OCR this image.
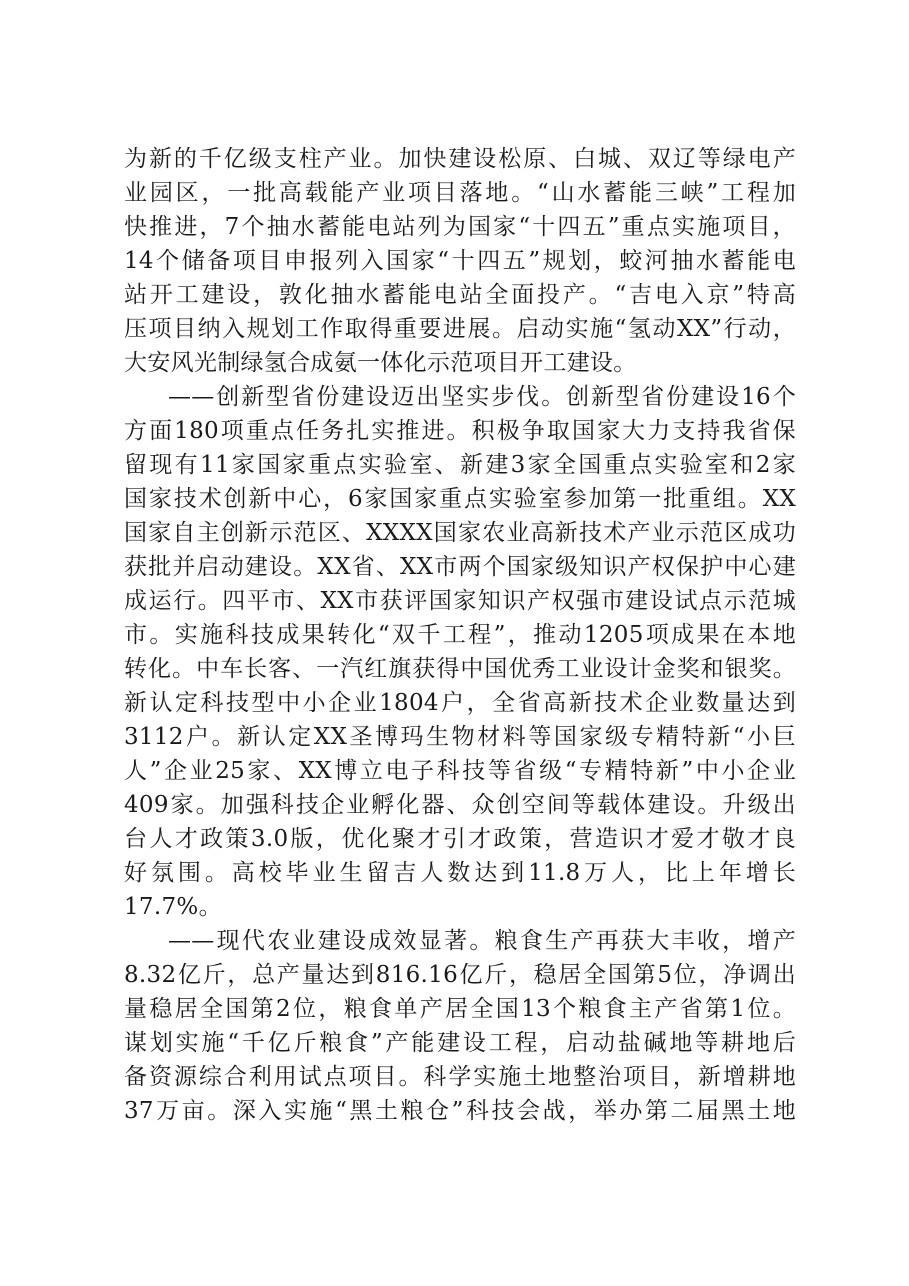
为新的千亿级支柱产业。加快建设松原、白城、双辽等绿电产
业园区，一批高载能产业项目落地。“山水蓄能三峡”工程加
快推进，7个抽水蓄能电站列为国家“十四五”重点实施项目，
14个储备项目申报列入国家“十四五”规划，蛟河抽水蓄能电
站开工建设，敦化抽水蓄能电站全面投产。“吉电入京”特高
压项目纳入规划工作取得重要进展。启动实施“氢动XX”行动，
大安风光制绿氢合成氨一体化示范项目开工建设。
——创新型省份建设迈出坚实步伐。创新型省份建设16个
方面180项重点任务扎实推进。积极争取国家大力支持我省保
留现有11家国家重点实验室、新建3家全国重点实验室和2家
国家技术创新中心，6家国家重点实验室参加第一批重组。XX
国家自主创新示范区、XXXX国家农业高新技术产业示范区成功
获批并启动建设。XX省、XX市两个国家级知识产权保护中心建
成运行。四平市、XX市获评国家知识产权强市建设试点示范城
市。实施科技成果转化“双千工程”，推动1205项成果在本地
转化。中车长客、一汽红旗获得中国优秀工业设计金奖和银奖。
新认定科技型中小企业1804户，全省高新技术企业数量达到
3112户。新认定XX圣博玛生物材料等国家级专精特新“小巨
人”企业25家、XX博立电子科技等省级“专精特新”中小企业
409家。加强科技企业孵化器、众创空间等载体建设。升级出
台人才政策3.0版，优化聚才引才政策，营造识才爱才敬才良
好氛围。高校毕业生留吉人数达到11.8万人，比上年增长
17.7%。
——现代农业建设成效显著。粮食生产再获大丰收，增产
8.32亿斤，总产量达到816.16亿斤，稳居全国第5位，净调出
量稳居全国第2位，粮食单产居全国13个粮食主产省第1位。
谋划实施“千亿斤粮食”产能建设工程，启动盐碱地等耕地后
备资源综合利用试点项目。科学实施土地整治项目，新增耕地
37万亩。深入实施“黑土粮仓”科技会战，举办第二届黑土地
